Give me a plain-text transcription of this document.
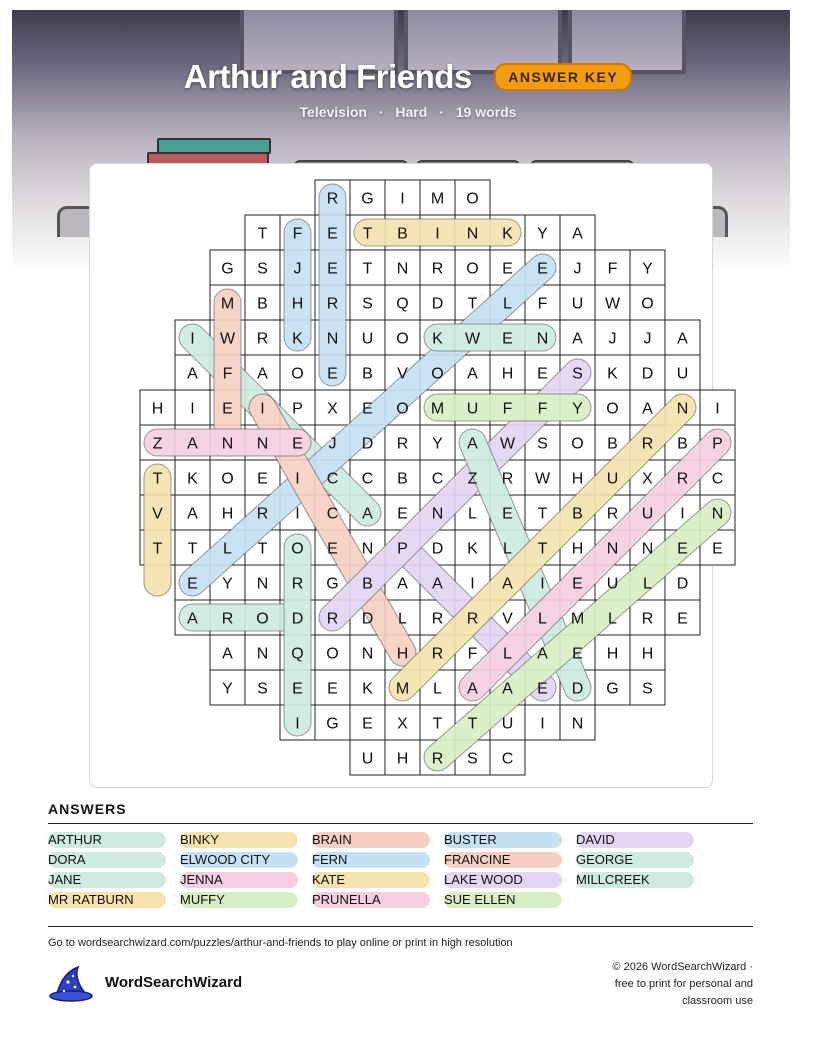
Arthur and Friends	ANSWER KEY
Television · Hard · 19 words
R G I M O
T F E T B I N K Y A
G S J E T N R O E E J F Y
M B H R S Q D T L F U W O
I W R K N U O K W E N A J J A
A F A O E B V O A H E S K D U
H I E I P X E O M U F F Y O A N I
Z A N N E J D R Y A W S O B R B P
T K O E I C C B C Z R W H U X R C
V A H R I C A E N L E T B R U I N
T T L T O E N P D K L T H N N E E
E Y N R G B A A I A I E U L D
A R O D R D L R R V L M L R E
A N Q O N H R F L A E H H
Y S E E K M L A A E D G S
I G E X T T U I N
U H R S C
ANSWERS
ARTHUR
DORA
JANE
MR RATBURN
BINKY
ELWOOD CITY
JENNA
MUFFY
BRAIN
FERN
KATE
PRUNELLA
BUSTER
FRANCINE
LAKE WOOD
SUE ELLEN
DAVID
GEORGE
MILLCREEK
Go to wordsearchwizard.com/puzzles/arthur-and-friends to play online or print in high resolution
WordSearchWizard
© 2026 WordSearchWizard ·
free to print for personal and
classroom use
